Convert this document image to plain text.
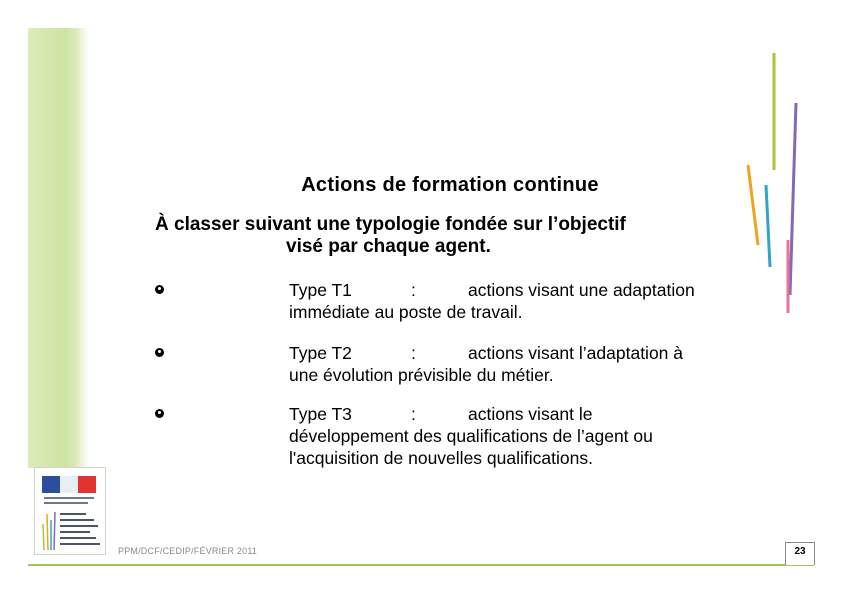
Actions de formation continue
À classer suivant une typologie fondée sur l’objectif
visé par chaque agent.
Type T1	:	actions visant une adaptation
immédiate au poste de travail.
Type T2	:	actions visant l’adaptation à
une évolution prévisible du métier.
Type T3	:	actions visant le
développement des qualifications de l’agent ou
l'acquisition de nouvelles qualifications.
PPM/DCF/CEDIP/FÉVRIER 2011	23
